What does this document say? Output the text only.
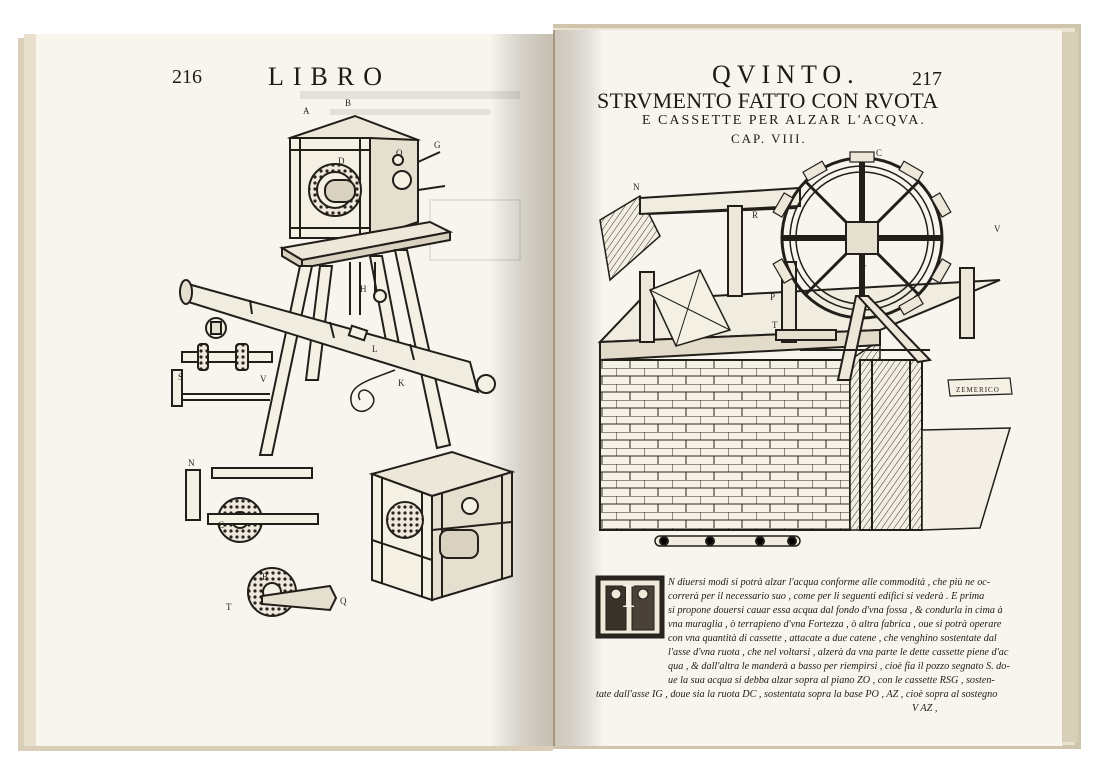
A
B
D
Q
G
H
L
K
S	V
N
C
B
Q
T
N
C
V
Y
T
P
R
ZEMERICO
216	LIBRO	QVINTO.	217
STRVMENTO FATTO CON RVOTA
E CASSETTE PER ALZAR L'ACQVA.
CAP. VIII.
I	N diuersi modi si potrà alzar l'acqua conforme alle commodità , che più ne oc-
correrà per il necessario suo , come per li seguenti edifici si vederà . E prima
si propone douersi cauar essa acqua dal fondo d'vna fossa , & condurla in cima à
vna muraglia , ò terrapieno d'vna Fortezza , ò altra fabrica , oue si potrà operare
con vna quantità di cassette , attacate a due catene , che venghino sostentate dal
l'asse d'vna ruota , che nel voltarsi , alzerà da vna parte le dette cassette piene d'ac
qua , & dall'altra le manderà a basso per riempirsi , cioè fia il pozzo segnato S. do-
ue la sua acqua si debba alzar sopra al piano ZO , con le cassette RSG , sosten-
tate dall'asse IG , doue sia la ruota DC , sostentata sopra la base PO , AZ , cioè sopra al sostegno
V AZ ,
